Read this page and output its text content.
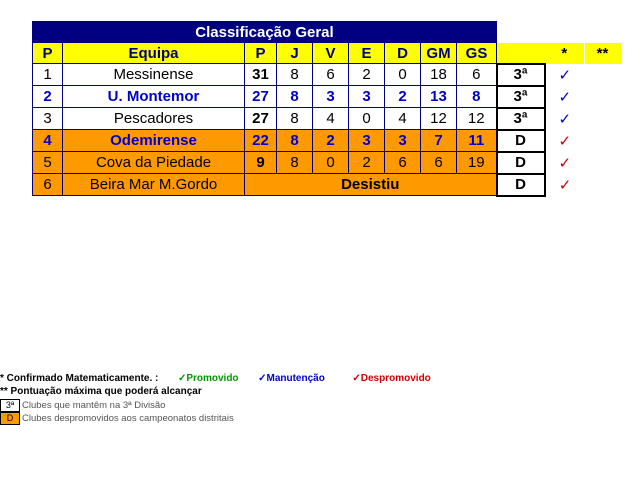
Classificação Geral											
P	Equipa	P	J	V	E	D	GM	GS		*	**
1	Messinense	31	8	6	2	0	18	6	3ª	✓	
2	U. Montemor	27	8	3	3	2	13	8	3ª	✓	
3	Pescadores	27	8	4	0	4	12	12	3ª	✓	
4	Odemirense	22	8	2	3	3	7	11	D	✓	
5	Cova da Piedade	9	8	0	2	6	6	19	D	✓	
6	Beira Mar M.Gordo	Desistiu							D	✓	
* Confirmado Matematicamente. : ✓Promovido ✓Manutenção	✓Despromovido
** Pontuação máxima que poderá alcançar
3ª Clubes que mantêm na 3ª Divisão
D Clubes despromovidos aos campeonatos distritais
